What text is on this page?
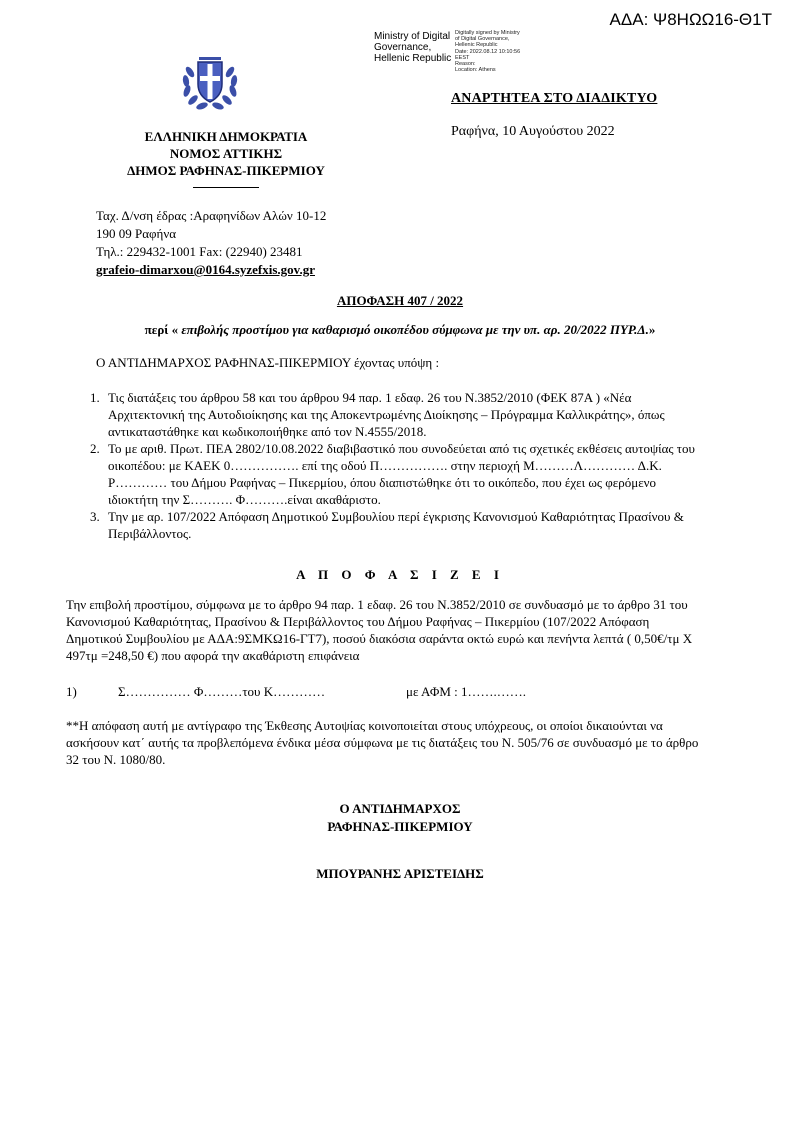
ΑΔΑ: Ψ8ΗΩΩ16-Θ1Τ
Ministry of Digital
Governance,
Hellenic Republic
Digitally signed by Ministry
of Digital Governance,
Hellenic Republic
Date: 2022.08.12 10:10:56
EEST
Reason:
Location: Athens
ΑΝΑΡΤΗΤΕΑ ΣΤΟ ΔΙΑΔΙΚΤΥΟ
Ραφήνα, 10 Αυγούστου 2022
ΕΛΛΗΝΙΚΗ ΔΗΜΟΚΡΑΤΙΑ
ΝΟΜΟΣ ΑΤΤΙΚΗΣ
ΔΗΜΟΣ ΡΑΦΗΝΑΣ-ΠΙΚΕΡΜΙΟΥ
Ταχ. Δ/νση έδρας :Αραφηνίδων Αλών 10-12
190 09 Ραφήνα
Τηλ.: 229432-1001 Fax: (22940) 23481
grafeio-dimarxou@0164.syzefxis.gov.gr
ΑΠΟΦΑΣΗ 407 / 2022
περί « επιβολής προστίμου για καθαρισμό οικοπέδου σύμφωνα με την υπ. αρ. 20/2022 ΠΥΡ.Δ.»
Ο ΑΝΤΙΔΗΜΑΡΧΟΣ ΡΑΦΗΝΑΣ-ΠΙΚΕΡΜΙΟΥ έχοντας υπόψη :
1. Τις διατάξεις του άρθρου 58 και του άρθρου 94 παρ. 1 εδαφ. 26 του Ν.3852/2010 (ΦΕΚ 87Α ) «Νέα Αρχιτεκτονική της Αυτοδιοίκησης και της Αποκεντρωμένης Διοίκησης – Πρόγραμμα Καλλικράτης», όπως αντικαταστάθηκε και κωδικοποιήθηκε από τον Ν.4555/2018.
2. Το με αριθ. Πρωτ. ΠΕΑ 2802/10.08.2022 διαβιβαστικό που συνοδεύεται από τις σχετικές εκθέσεις αυτοψίας του οικοπέδου: με ΚΑΕΚ 0……………. επί της οδού Π……………. στην περιοχή Μ………Λ………… Δ.Κ. Ρ………… του Δήμου Ραφήνας – Πικερμίου, όπου διαπιστώθηκε ότι το οικόπεδο, που έχει ως φερόμενο ιδιοκτήτη την Σ………. Φ……….είναι ακαθάριστο.
3. Την με αρ. 107/2022 Απόφαση Δημοτικού Συμβουλίου περί έγκρισης Κανονισμού Καθαριότητας Πρασίνου & Περιβάλλοντος.
Α Π Ο Φ Α Σ Ι Ζ Ε Ι
Την επιβολή προστίμου, σύμφωνα με το άρθρο 94 παρ. 1 εδαφ. 26 του Ν.3852/2010 σε συνδυασμό με το άρθρο 31 του Κανονισμού Καθαριότητας, Πρασίνου & Περιβάλλοντος του Δήμου Ραφήνας – Πικερμίου (107/2022 Απόφαση Δημοτικού Συμβουλίου με ΑΔΑ:9ΣΜΚΩ16-ΓΤ7), ποσού διακόσια σαράντα οκτώ ευρώ και πενήντα λεπτά ( 0,50€/τμ Χ 497τμ =248,50 €) που αφορά την ακαθάριστη επιφάνεια
1)	Σ…………… Φ………του Κ…………	με ΑΦΜ : 1…….…….
**Η απόφαση αυτή με αντίγραφο της Έκθεσης Αυτοψίας κοινοποιείται στους υπόχρεους, οι οποίοι δικαιούνται να ασκήσουν κατ΄ αυτής τα προβλεπόμενα ένδικα μέσα σύμφωνα με τις διατάξεις του Ν. 505/76 σε συνδυασμό με το άρθρο 32 του Ν. 1080/80.
Ο ΑΝΤΙΔΗΜΑΡΧΟΣ
ΡΑΦΗΝΑΣ-ΠΙΚΕΡΜΙΟΥ
ΜΠΟΥΡΑΝΗΣ ΑΡΙΣΤΕΙΔΗΣ
